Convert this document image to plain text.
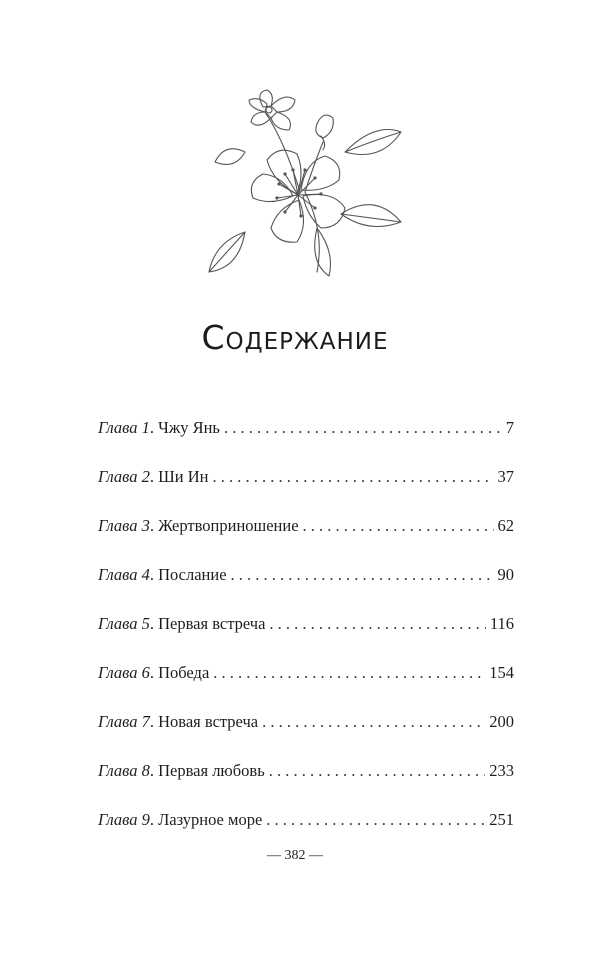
Содержание
Глава 1 . Чжу Янь . . .	7
Глава 2 . Ши Ин . . .	37
Глава 3 . Жертвоприношение . . .	62
Глава 4 . Послание . . .	90
Глава 5 . Первая встреча . . .	116
Глава 6 . Победа . . .	154
Глава 7 . Новая встреча . . .	200
Глава 8 . Первая любовь . . .	233
Глава 9 . Лазурное море . . .	251
— 382 —
